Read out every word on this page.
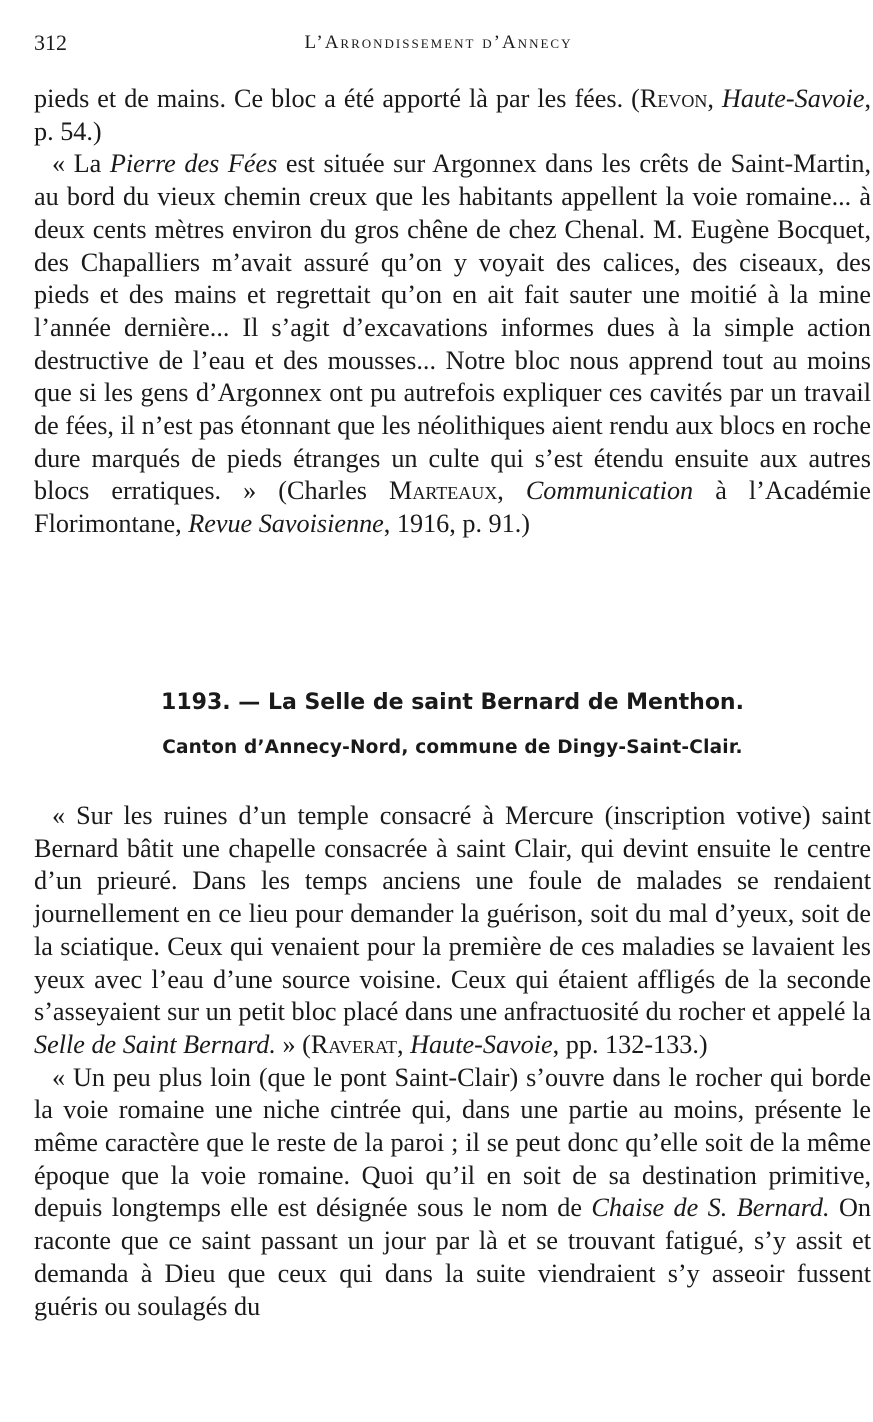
312	L’Arrondissement d’Annecy

pieds et de mains. Ce bloc a été apporté là par les fées. (Revon, Haute-Savoie, p. 54.)

« La Pierre des Fées est située sur Argonnex dans les crêts de Saint-Martin, au bord du vieux chemin creux que les habitants appellent la voie romaine... à deux cents mètres environ du gros chêne de chez Chenal. M. Eugène Bocquet, des Chapalliers m’avait assuré qu’on y voyait des calices, des ciseaux, des pieds et des mains et regrettait qu’on en ait fait sauter une moitié à la mine l’année dernière... Il s’agit d’excavations informes dues à la simple action destructive de l’eau et des mousses... Notre bloc nous apprend tout au moins que si les gens d’Argonnex ont pu autrefois expliquer ces cavités par un travail de fées, il n’est pas étonnant que les néolithiques aient rendu aux blocs en roche dure marqués de pieds étranges un culte qui s’est étendu ensuite aux autres blocs erratiques. » (Charles Marteaux, Communication à l’Académie Florimontane, Revue Savoisienne, 1916, p. 91.)

1193. — La Selle de saint Bernard de Menthon.
Canton d’Annecy-Nord, commune de Dingy-Saint-Clair.

« Sur les ruines d’un temple consacré à Mercure (inscription votive) saint Bernard bâtit une chapelle consacrée à saint Clair, qui devint ensuite le centre d’un prieuré. Dans les temps anciens une foule de malades se rendaient journellement en ce lieu pour demander la guérison, soit du mal d’yeux, soit de la sciatique. Ceux qui venaient pour la première de ces maladies se lavaient les yeux avec l’eau d’une source voisine. Ceux qui étaient affligés de la seconde s’asseyaient sur un petit bloc placé dans une anfractuosité du rocher et appelé la Selle de Saint Bernard. » (Raverat, Haute-Savoie, pp. 132-133.)

« Un peu plus loin (que le pont Saint-Clair) s’ouvre dans le rocher qui borde la voie romaine une niche cintrée qui, dans une partie au moins, présente le même caractère que le reste de la paroi ; il se peut donc qu’elle soit de la même époque que la voie romaine. Quoi qu’il en soit de sa destination primitive, depuis longtemps elle est désignée sous le nom de Chaise de S. Bernard. On raconte que ce saint passant un jour par là et se trouvant fatigué, s’y assit et demanda à Dieu que ceux qui dans la suite viendraient s’y asseoir fussent guéris ou soulagés du
